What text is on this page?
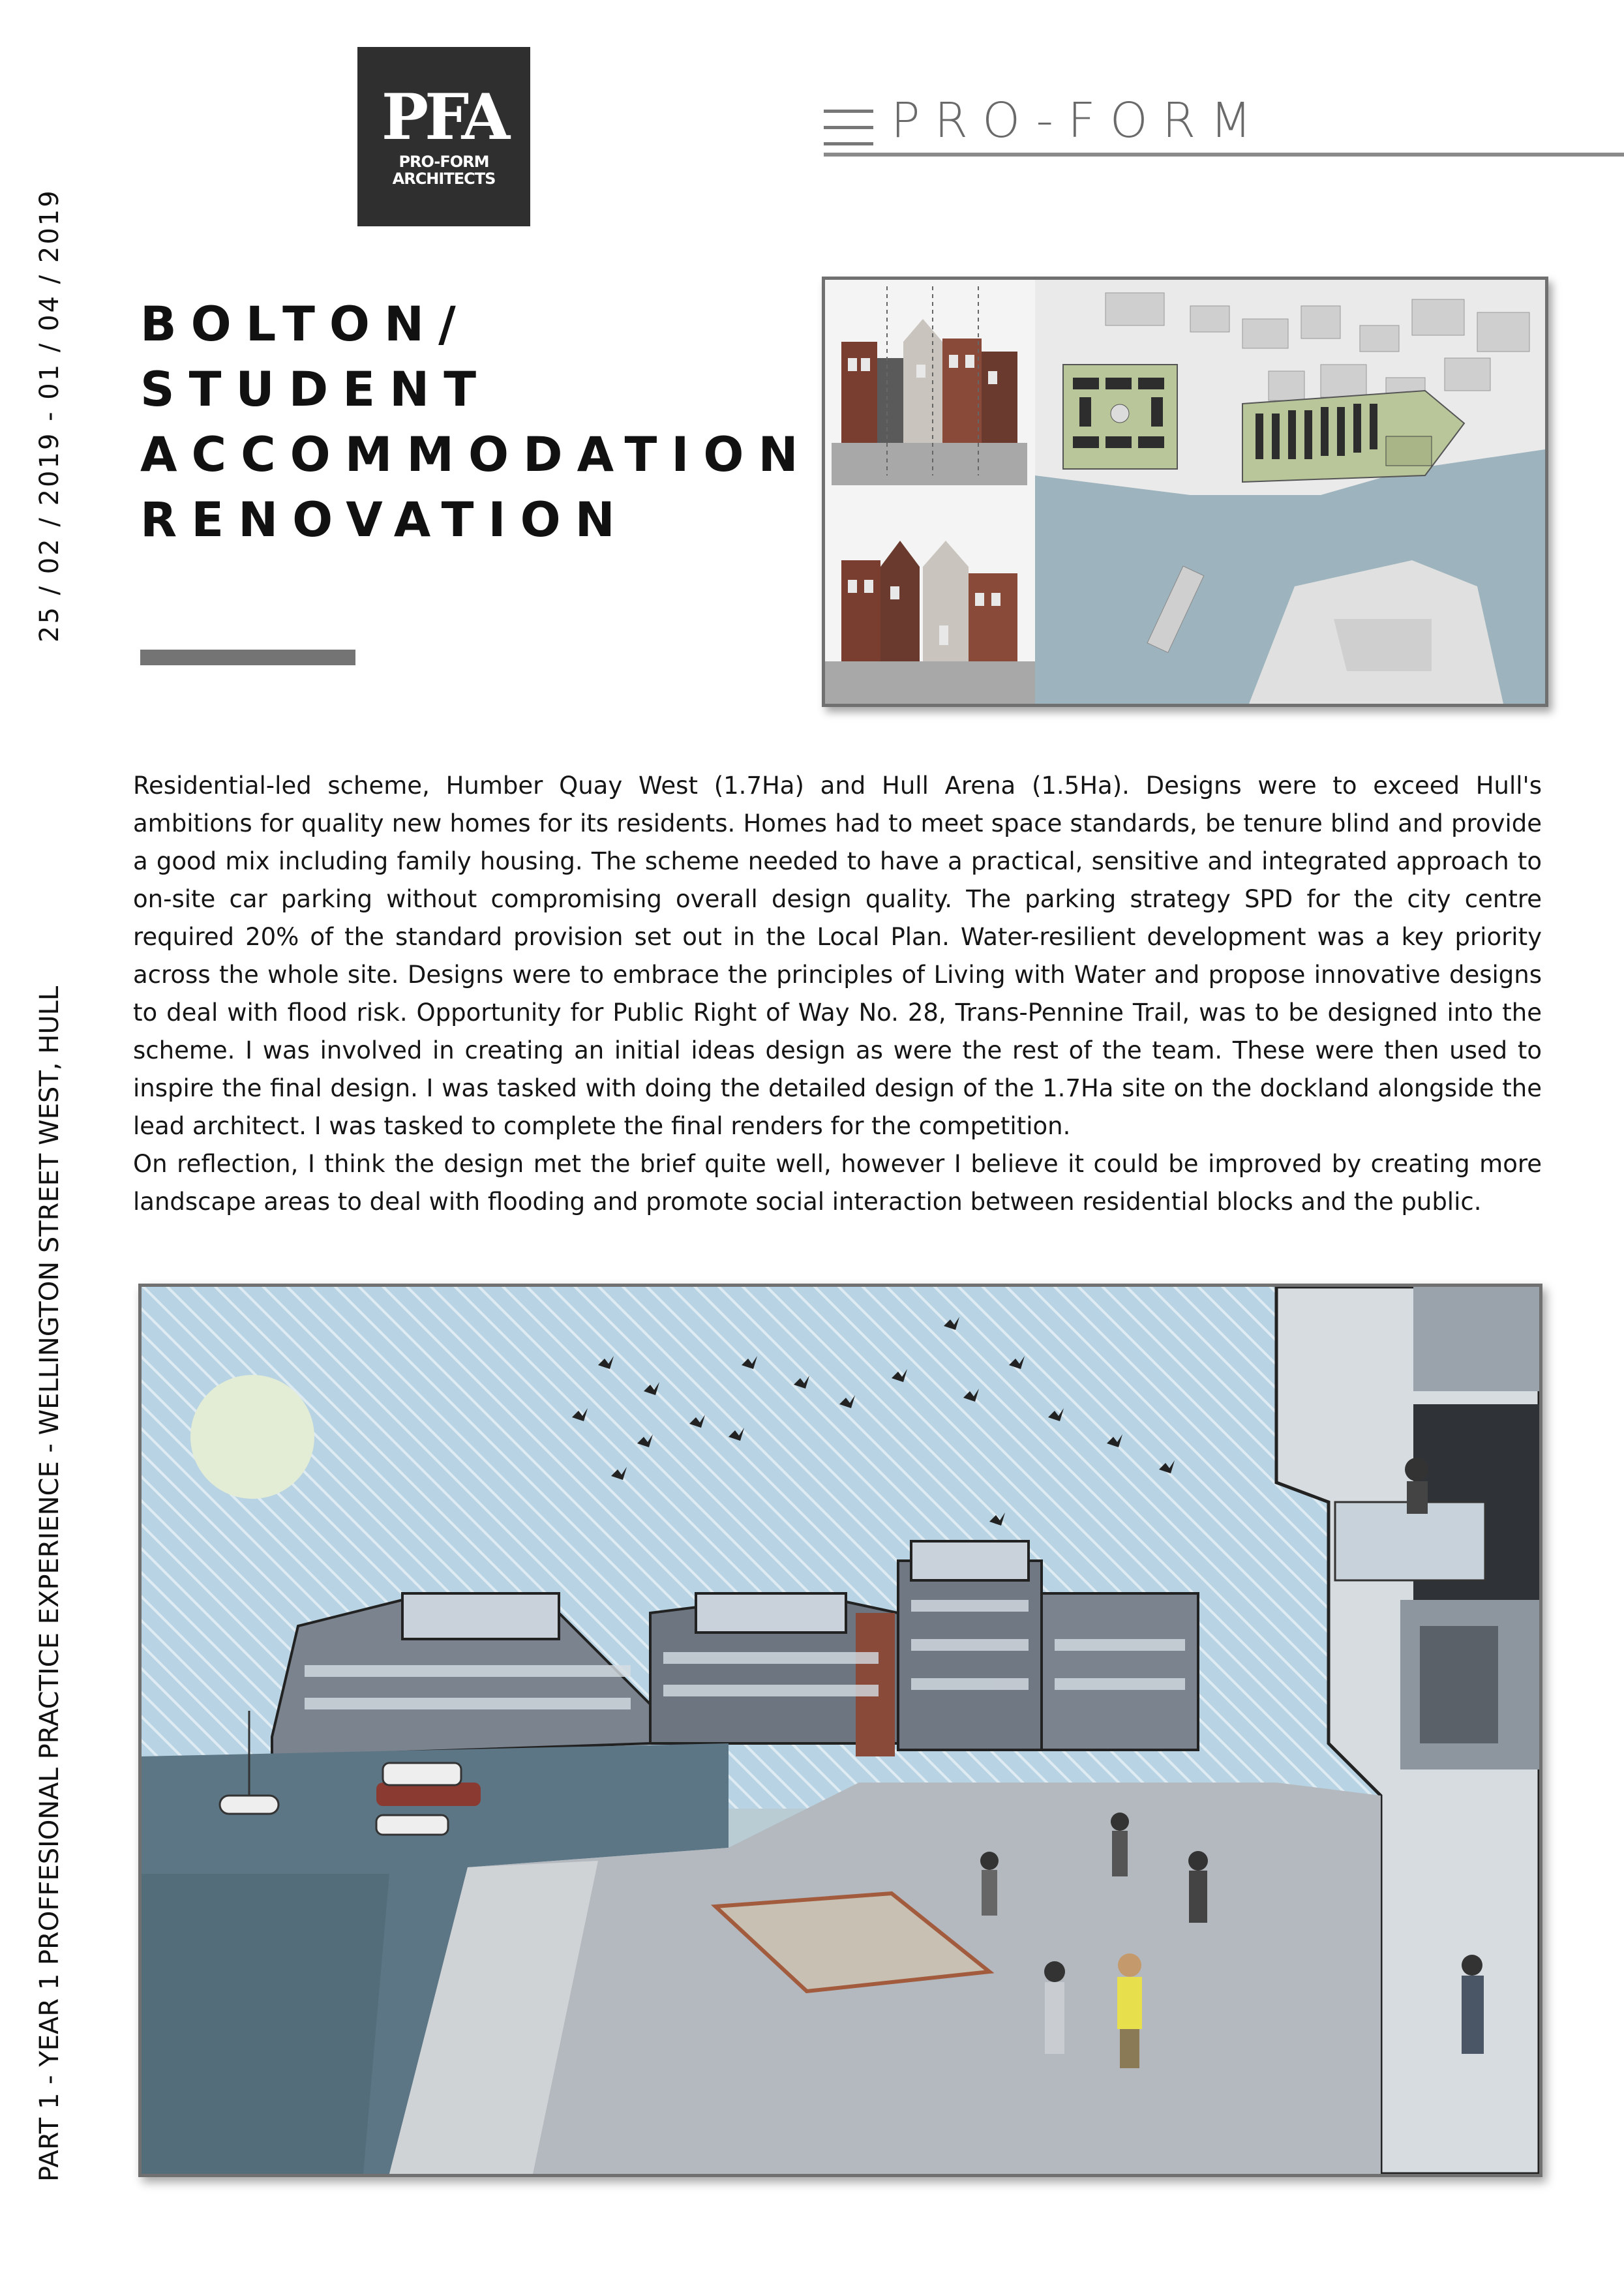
PFA
PRO-FORM
ARCHITECTS
PRO-FORM
25 / 02 / 2019 - 01 / 04 / 2019
PART 1 - YEAR 1 PROFFESIONAL PRACTICE EXPERIENCE - WELLINGTON STREET WEST, HULL
BOLTON/
STUDENT
ACCOMMODATION
RENOVATION

Residential-led scheme, Humber Quay West (1.7Ha) and Hull Arena (1.5Ha). Designs were to exceed Hull's ambitions for quality new homes for its residents. Homes had to meet space standards, be tenure blind and provide a good mix including family housing. The scheme needed to have a practical, sensitive and integrated approach to on-site car parking without compromising overall design quality. The parking strategy SPD for the city centre required 20% of the standard provision set out in the Local Plan. Water-resilient development was a key priority across the whole site. Designs were to embrace the principles of Living with Water and propose innovative designs to deal with flood risk. Opportunity for Public Right of Way No. 28, Trans-Pennine Trail, was to be designed into the scheme. I was involved in creating an initial ideas design as were the rest of the team. These were then used to inspire the final design. I was tasked with doing the detailed design of the 1.7Ha site on the dockland alongside the lead architect. I was tasked to complete the final renders for the competition.

On reflection, I think the design met the brief quite well, however I believe it could be improved by creating more landscape areas to deal with flooding and promote social interaction between residential blocks and the public.
